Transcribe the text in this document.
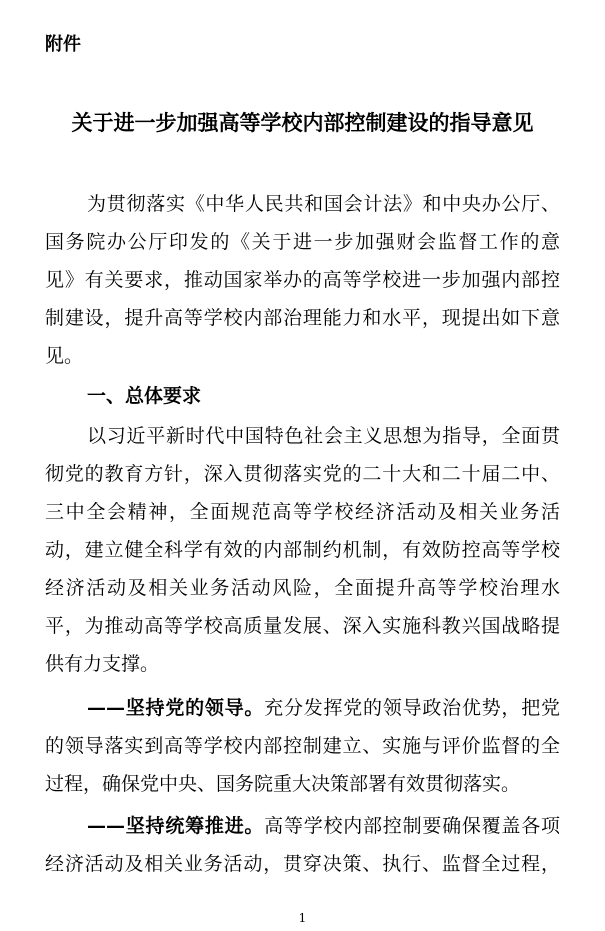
附件
关于进一步加强高等学校内部控制建设的指导意见
为贯彻落实《中华人民共和国会计法》和中央办公厅、
国务院办公厅印发的《关于进一步加强财会监督工作的意
见》有关要求，推动国家举办的高等学校进一步加强内部控
制建设，提升高等学校内部治理能力和水平，现提出如下意
见。
一、总体要求
以习近平新时代中国特色社会主义思想为指导，全面贯
彻党的教育方针，深入贯彻落实党的二十大和二十届二中、
三中全会精神，全面规范高等学校经济活动及相关业务活
动，建立健全科学有效的内部制约机制，有效防控高等学校
经济活动及相关业务活动风险，全面提升高等学校治理水
平，为推动高等学校高质量发展、深入实施科教兴国战略提
供有力支撑。
——坚持党的领导。充分发挥党的领导政治优势，把党
的领导落实到高等学校内部控制建立、实施与评价监督的全
过程，确保党中央、国务院重大决策部署有效贯彻落实。
——坚持统筹推进。高等学校内部控制要确保覆盖各项
经济活动及相关业务活动，贯穿决策、执行、监督全过程，
1
